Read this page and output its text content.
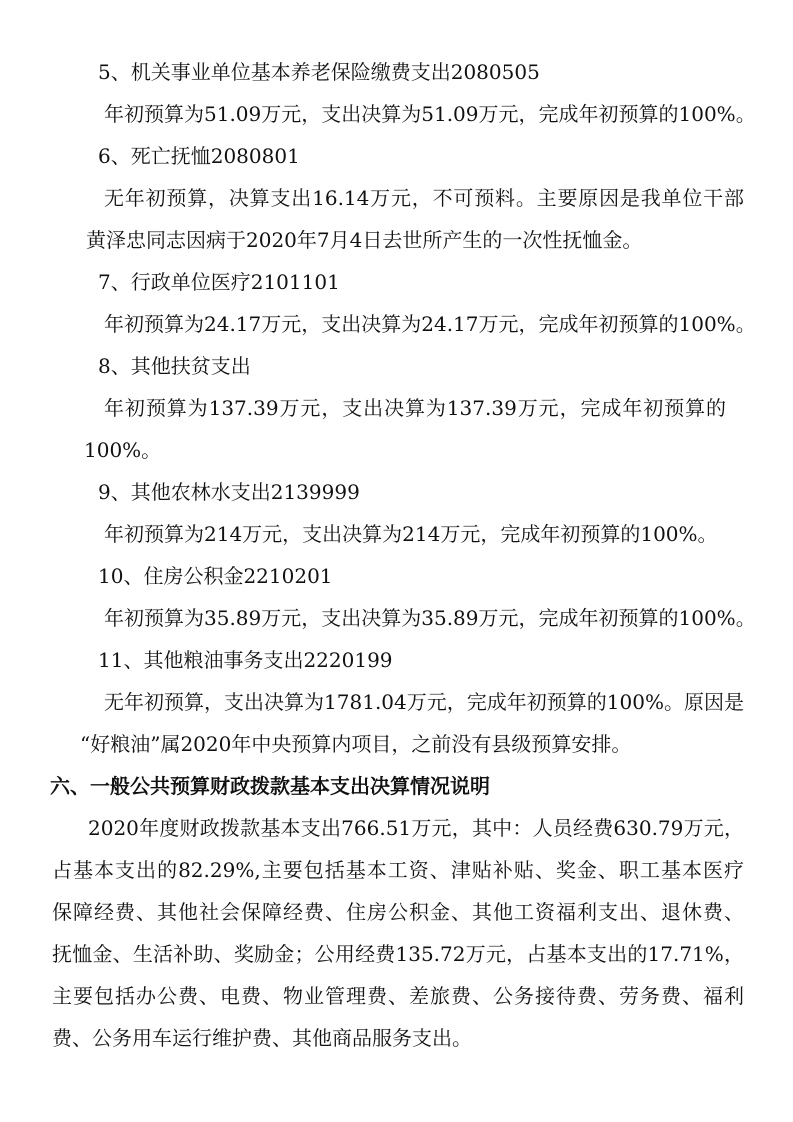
5、机关事业单位基本养老保险缴费支出2080505
年初预算为51.09万元，支出决算为51.09万元，完成年初预算的100%。
6、死亡抚恤2080801
无年初预算，决算支出16.14万元，不可预料。主要原因是我单位干部
黄泽忠同志因病于2020年7月4日去世所产生的一次性抚恤金。
7、行政单位医疗2101101
年初预算为24.17万元，支出决算为24.17万元，完成年初预算的100%。
8、其他扶贫支出
年初预算为137.39万元，支出决算为137.39万元，完成年初预算的
100%。
9、其他农林水支出2139999
年初预算为214万元，支出决算为214万元，完成年初预算的100%。
10、住房公积金2210201
年初预算为35.89万元，支出决算为35.89万元，完成年初预算的100%。
11、其他粮油事务支出2220199
无年初预算，支出决算为1781.04万元，完成年初预算的100%。原因是
“好粮油”属2020年中央预算内项目，之前没有县级预算安排。
六、一般公共预算财政拨款基本支出决算情况说明
2020年度财政拨款基本支出766.51万元，其中：人员经费630.79万元，
占基本支出的82.29%,主要包括基本工资、津贴补贴、奖金、职工基本医疗
保障经费、其他社会保障经费、住房公积金、其他工资福利支出、退休费、
抚恤金、生活补助、奖励金；公用经费135.72万元，占基本支出的17.71%，
主要包括办公费、电费、物业管理费、差旅费、公务接待费、劳务费、福利
费、公务用车运行维护费、其他商品服务支出。
